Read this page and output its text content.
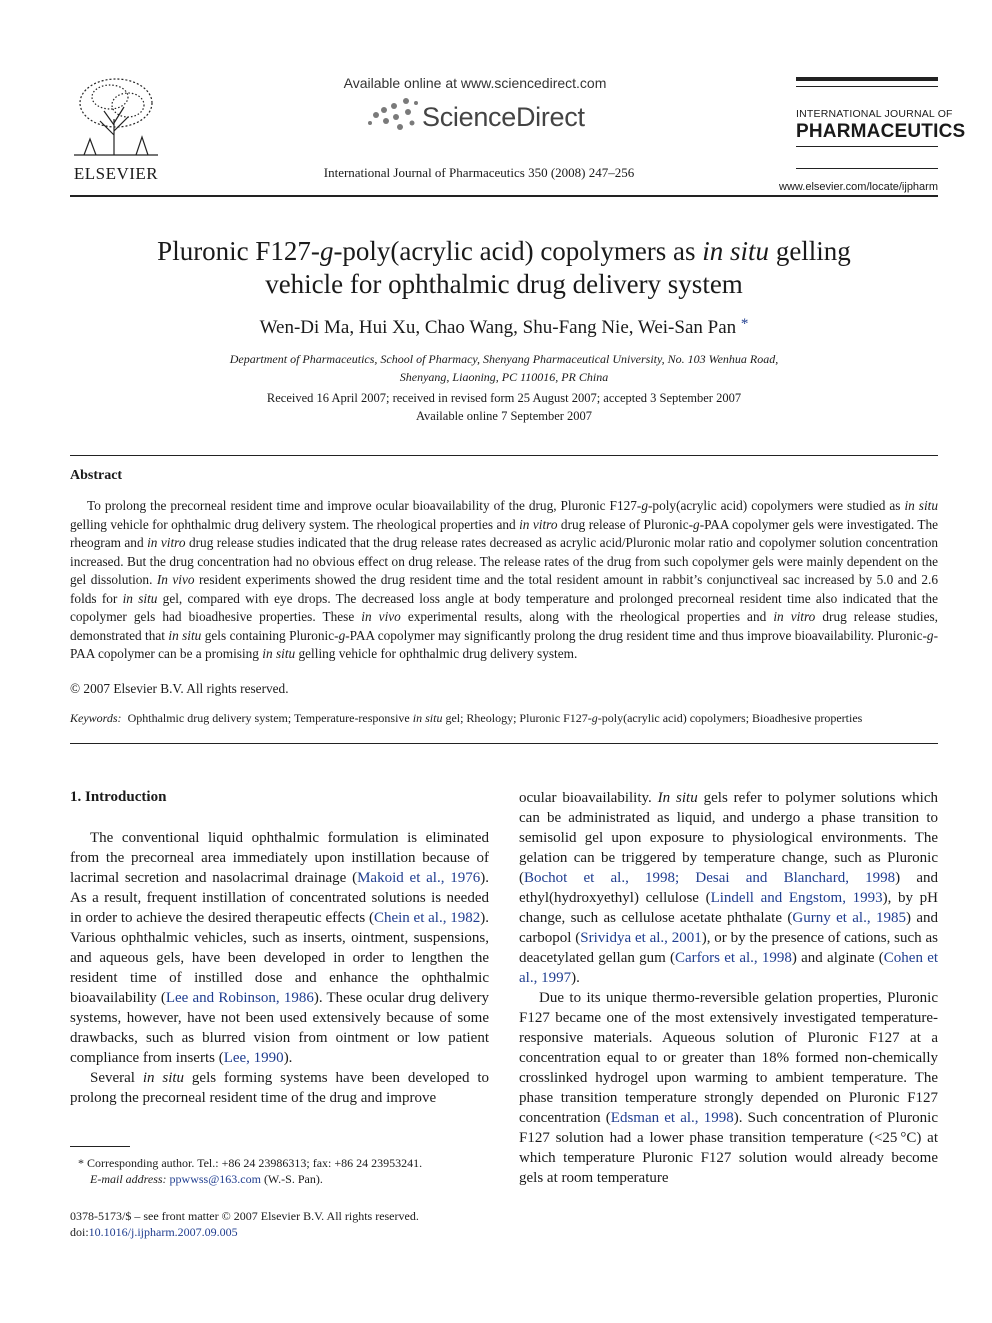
ELSEVIER
Available online at www.sciencedirect.com
ScienceDirect
International Journal of Pharmaceutics 350 (2008) 247–256
INTERNATIONAL JOURNAL OF
PHARMACEUTICS
www.elsevier.com/locate/ijpharm
Pluronic F127-g-poly(acrylic acid) copolymers as in situ gelling
vehicle for ophthalmic drug delivery system
Wen-Di Ma, Hui Xu, Chao Wang, Shu-Fang Nie, Wei-San Pan *
Department of Pharmaceutics, School of Pharmacy, Shenyang Pharmaceutical University, No. 103 Wenhua Road,
Shenyang, Liaoning, PC 110016, PR China
Received 16 April 2007; received in revised form 25 August 2007; accepted 3 September 2007
Available online 7 September 2007
Abstract
To prolong the precorneal resident time and improve ocular bioavailability of the drug, Pluronic F127-g-poly(acrylic acid) copolymers were studied as in situ gelling vehicle for ophthalmic drug delivery system. The rheological properties and in vitro drug release of Pluronic-g-PAA copolymer gels were investigated. The rheogram and in vitro drug release studies indicated that the drug release rates decreased as acrylic acid/Pluronic molar ratio and copolymer solution concentration increased. But the drug concentration had no obvious effect on drug release. The release rates of the drug from such copolymer gels were mainly dependent on the gel dissolution. In vivo resident experiments showed the drug resident time and the total resident amount in rabbit’s conjunctiveal sac increased by 5.0 and 2.6 folds for in situ gel, compared with eye drops. The decreased loss angle at body temperature and prolonged precorneal resident time also indicated that the copolymer gels had bioadhesive properties. These in vivo experimental results, along with the rheological properties and in vitro drug release studies, demonstrated that in situ gels containing Pluronic-g-PAA copolymer may significantly prolong the drug resident time and thus improve bioavailability. Pluronic-g-PAA copolymer can be a promising in situ gelling vehicle for ophthalmic drug delivery system.
© 2007 Elsevier B.V. All rights reserved.
Keywords: Ophthalmic drug delivery system; Temperature-responsive in situ gel; Rheology; Pluronic F127-g-poly(acrylic acid) copolymers; Bioadhesive properties
1. Introduction

The conventional liquid ophthalmic formulation is eliminated from the precorneal area immediately upon instillation because of lacrimal secretion and nasolacrimal drainage (Makoid et al., 1976). As a result, frequent instillation of concentrated solutions is needed in order to achieve the desired therapeutic effects (Chein et al., 1982). Various ophthalmic vehicles, such as inserts, ointment, suspensions, and aqueous gels, have been developed in order to lengthen the resident time of instilled dose and enhance the ophthalmic bioavailability (Lee and Robinson, 1986). These ocular drug delivery systems, however, have not been used extensively because of some drawbacks, such as blurred vision from ointment or low patient compliance from inserts (Lee, 1990).

Several in situ gels forming systems have been developed to prolong the precorneal resident time of the drug and improve

ocular bioavailability. In situ gels refer to polymer solutions which can be administrated as liquid, and undergo a phase transition to semisolid gel upon exposure to physiological environments. The gelation can be triggered by temperature change, such as Pluronic (Bochot et al., 1998; Desai and Blanchard, 1998) and ethyl(hydroxyethyl) cellulose (Lindell and Engstom, 1993), by pH change, such as cellulose acetate phthalate (Gurny et al., 1985) and carbopol (Srividya et al., 2001), or by the presence of cations, such as deacetylated gellan gum (Carfors et al., 1998) and alginate (Cohen et al., 1997).

Due to its unique thermo-reversible gelation properties, Pluronic F127 became one of the most extensively investigated temperature-responsive materials. Aqueous solution of Pluronic F127 at a concentration equal to or greater than 18% formed non-chemically crosslinked hydrogel upon warming to ambient temperature. The phase transition temperature strongly depended on Pluronic F127 concentration (Edsman et al., 1998). Such concentration of Pluronic F127 solution had a lower phase transition temperature (<25 °C) at which temperature Pluronic F127 solution would already become gels at room temperature

* Corresponding author. Tel.: +86 24 23986313; fax: +86 24 23953241.
E-mail address: ppwwss@163.com (W.-S. Pan).
0378-5173/$ – see front matter © 2007 Elsevier B.V. All rights reserved.
doi:10.1016/j.ijpharm.2007.09.005
